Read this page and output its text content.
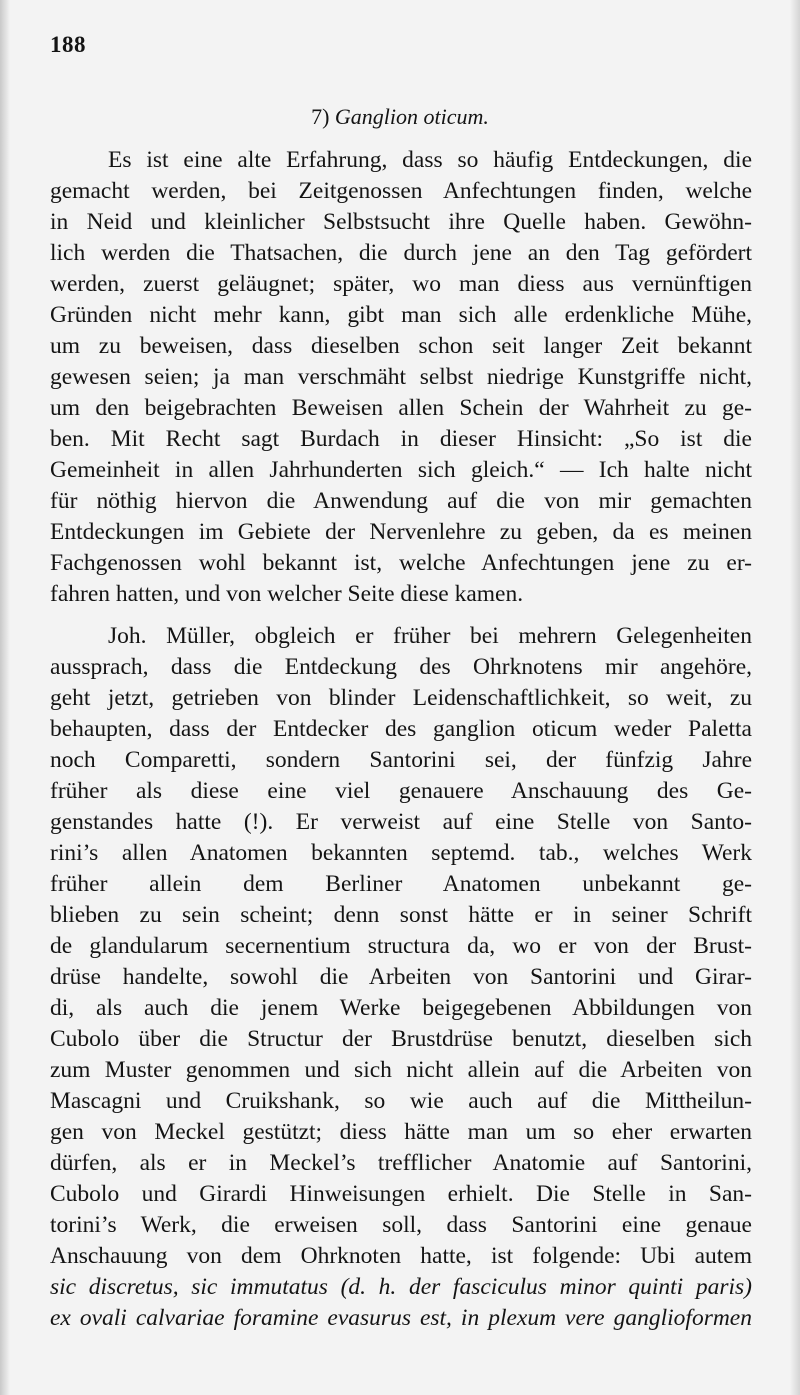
188
7) Ganglion oticum.
Es ist eine alte Erfahrung, dass so häufig Entdeckungen, die
gemacht werden, bei Zeitgenossen Anfechtungen finden, welche
in Neid und kleinlicher Selbstsucht ihre Quelle haben. Gewöhn-
lich werden die Thatsachen, die durch jene an den Tag gefördert
werden, zuerst geläugnet; später, wo man diess aus vernünftigen
Gründen nicht mehr kann, gibt man sich alle erdenkliche Mühe,
um zu beweisen, dass dieselben schon seit langer Zeit bekannt
gewesen seien; ja man verschmäht selbst niedrige Kunstgriffe nicht,
um den beigebrachten Beweisen allen Schein der Wahrheit zu ge-
ben. Mit Recht sagt Burdach in dieser Hinsicht: „So ist die
Gemeinheit in allen Jahrhunderten sich gleich.“ — Ich halte nicht
für nöthig hiervon die Anwendung auf die von mir gemachten
Entdeckungen im Gebiete der Nervenlehre zu geben, da es meinen
Fachgenossen wohl bekannt ist, welche Anfechtungen jene zu er-
fahren hatten, und von welcher Seite diese kamen.
Joh. Müller, obgleich er früher bei mehrern Gelegenheiten
aussprach, dass die Entdeckung des Ohrknotens mir angehöre,
geht jetzt, getrieben von blinder Leidenschaftlichkeit, so weit, zu
behaupten, dass der Entdecker des ganglion oticum weder Paletta
noch Comparetti, sondern Santorini sei, der fünfzig Jahre
früher als diese eine viel genauere Anschauung des Ge-
genstandes hatte (!). Er verweist auf eine Stelle von Santo-
rini’s allen Anatomen bekannten septemd. tab., welches Werk
früher allein dem Berliner Anatomen unbekannt ge-
blieben zu sein scheint; denn sonst hätte er in seiner Schrift
de glandularum secernentium structura da, wo er von der Brust-
drüse handelte, sowohl die Arbeiten von Santorini und Girar-
di, als auch die jenem Werke beigegebenen Abbildungen von
Cubolo über die Structur der Brustdrüse benutzt, dieselben sich
zum Muster genommen und sich nicht allein auf die Arbeiten von
Mascagni und Cruikshank, so wie auch auf die Mittheilun-
gen von Meckel gestützt; diess hätte man um so eher erwarten
dürfen, als er in Meckel’s trefflicher Anatomie auf Santorini,
Cubolo und Girardi Hinweisungen erhielt. Die Stelle in San-
torini’s Werk, die erweisen soll, dass Santorini eine genaue
Anschauung von dem Ohrknoten hatte, ist folgende: Ubi autem
sic discretus, sic immutatus (d. h. der fasciculus minor quinti paris)
ex ovali calvariae foramine evasurus est, in plexum vere ganglioformen
